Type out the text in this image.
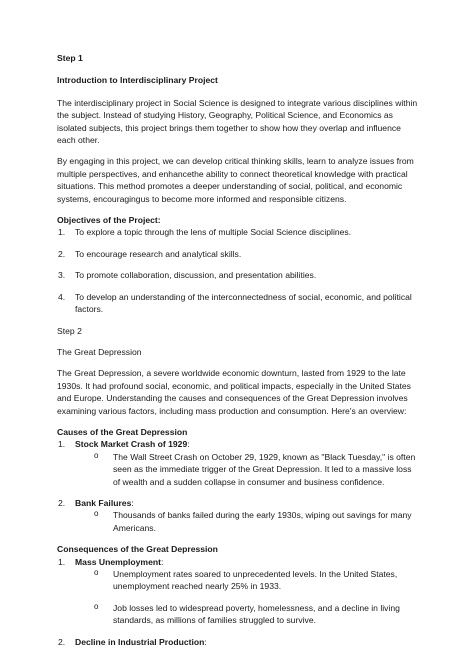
Step 1

Introduction to Interdisciplinary Project

The interdisciplinary project in Social Science is designed to integrate various disciplines within the subject. Instead of studying History, Geography, Political Science, and Economics as isolated subjects, this project brings them together to show how they overlap and influence each other.

By engaging in this project, we can develop critical thinking skills, learn to analyze issues from multiple perspectives, and enhancethe ability to connect theoretical knowledge with practical situations. This method promotes a deeper understanding of social, political, and economic systems, encouragingus to become more informed and responsible citizens.

Objectives of the Project:

1. To explore a topic through the lens of multiple Social Science disciplines.
2. To encourage research and analytical skills.
3. To promote collaboration, discussion, and presentation abilities.
4. To develop an understanding of the interconnectedness of social, economic, and political factors.

Step 2

The Great Depression

The Great Depression, a severe worldwide economic downturn, lasted from 1929 to the late 1930s. It had profound social, economic, and political impacts, especially in the United States and Europe. Understanding the causes and consequences of the Great Depression involves examining various factors, including mass production and consumption. Here's an overview:

Causes of the Great Depression

1. Stock Market Crash of 1929:
o The Wall Street Crash on October 29, 1929, known as "Black Tuesday," is often seen as the immediate trigger of the Great Depression. It led to a massive loss of wealth and a sudden collapse in consumer and business confidence.
2. Bank Failures:
o Thousands of banks failed during the early 1930s, wiping out savings for many Americans.

Consequences of the Great Depression

1. Mass Unemployment:
o Unemployment rates soared to unprecedented levels. In the United States, unemployment reached nearly 25% in 1933.
o Job losses led to widespread poverty, homelessness, and a decline in living standards, as millions of families struggled to survive.
2. Decline in Industrial Production:
